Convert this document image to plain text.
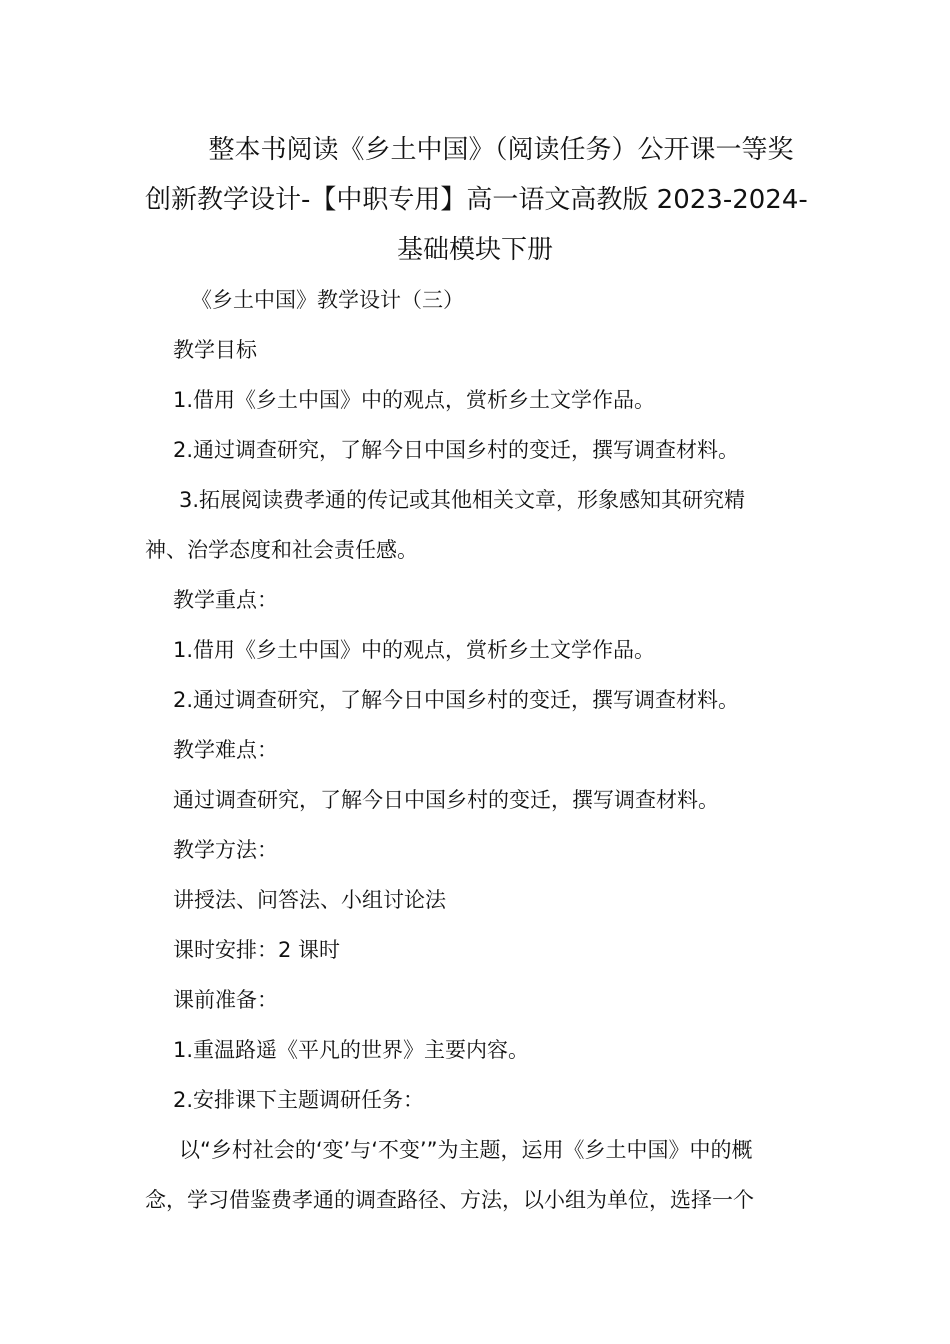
整本书阅读《乡土中国》（阅读任务）公开课一等奖
创新教学设计-【中职专用】高一语文高教版 2023-2024-
基础模块下册

《乡土中国》教学设计（三）

教学目标

1.借用《乡土中国》中的观点，赏析乡土文学作品。

2.通过调查研究，了解今日中国乡村的变迁，撰写调查材料。

3.拓展阅读费孝通的传记或其他相关文章，形象感知其研究精

神、治学态度和社会责任感。

教学重点：

1.借用《乡土中国》中的观点，赏析乡土文学作品。

2.通过调查研究，了解今日中国乡村的变迁，撰写调查材料。

教学难点：

通过调查研究，了解今日中国乡村的变迁，撰写调查材料。

教学方法：

讲授法、问答法、小组讨论法

课时安排：2 课时

课前准备：

1.重温路遥《平凡的世界》主要内容。

2.安排课下主题调研任务：

以“乡村社会的‘变’与‘不变’”为主题，运用《乡土中国》中的概

念，学习借鉴费孝通的调查路径、方法，以小组为单位，选择一个
